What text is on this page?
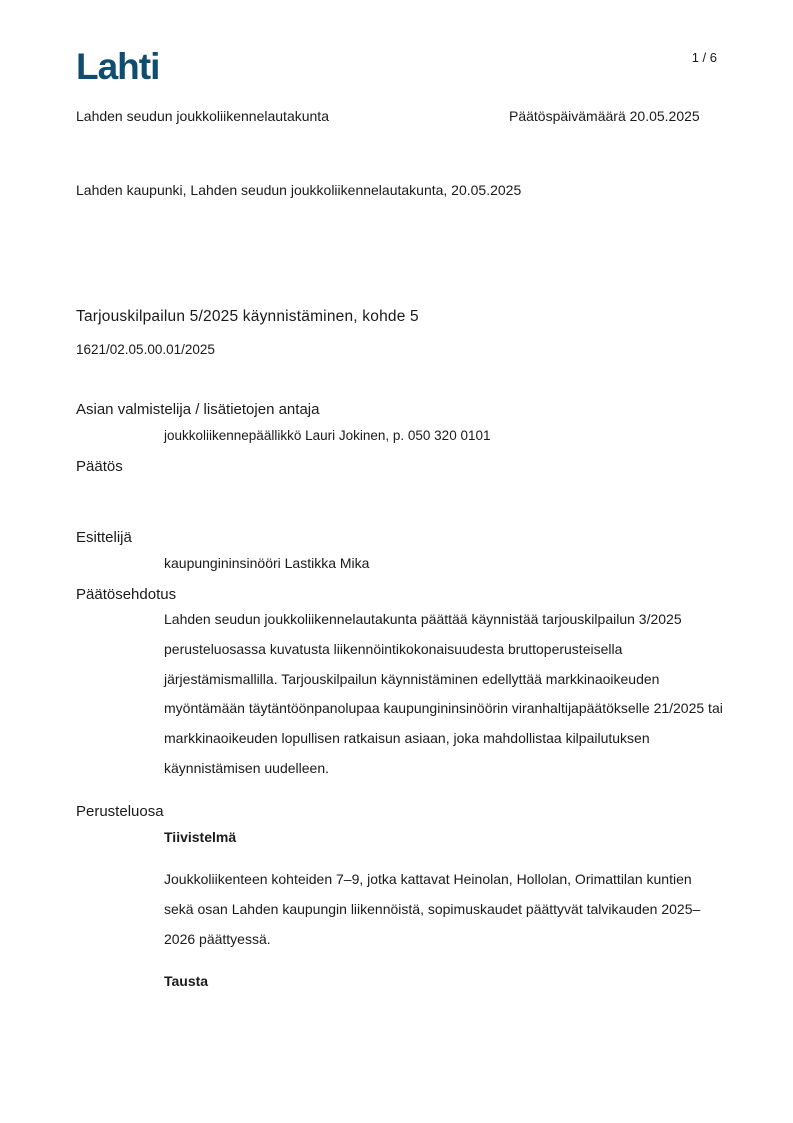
Lahti	1 / 6
Lahden seudun joukkoliikennelautakunta	Päätöspäivämäärä 20.05.2025
Lahden kaupunki, Lahden seudun joukkoliikennelautakunta, 20.05.2025
Tarjouskilpailun 5/2025 käynnistäminen, kohde 5
1621/02.05.00.01/2025
Asian valmistelija / lisätietojen antaja
joukkoliikennepäällikkö Lauri Jokinen, p. 050 320 0101
Päätös
Esittelijä
kaupungininsinööri Lastikka Mika
Päätösehdotus
Lahden seudun joukkoliikennelautakunta päättää käynnistää tarjouskilpailun 3/2025 perusteluosassa kuvatusta liikennöintikokonaisuudesta bruttoperusteisella järjestämismallilla. Tarjouskilpailun käynnistäminen edellyttää markkinaoikeuden myöntämään täytäntöönpanolupaa kaupungininsinöörin viranhaltijapäätökselle 21/2025 tai markkinaoikeuden lopullisen ratkaisun asiaan, joka mahdollistaa kilpailutuksen käynnistämisen uudelleen.
Perusteluosa
Tiivistelmä
Joukkoliikenteen kohteiden 7–9, jotka kattavat Heinolan, Hollolan, Orimattilan kuntien sekä osan Lahden kaupungin liikennöistä, sopimuskaudet päättyvät talvikauden 2025–2026 päättyessä.
Tausta
